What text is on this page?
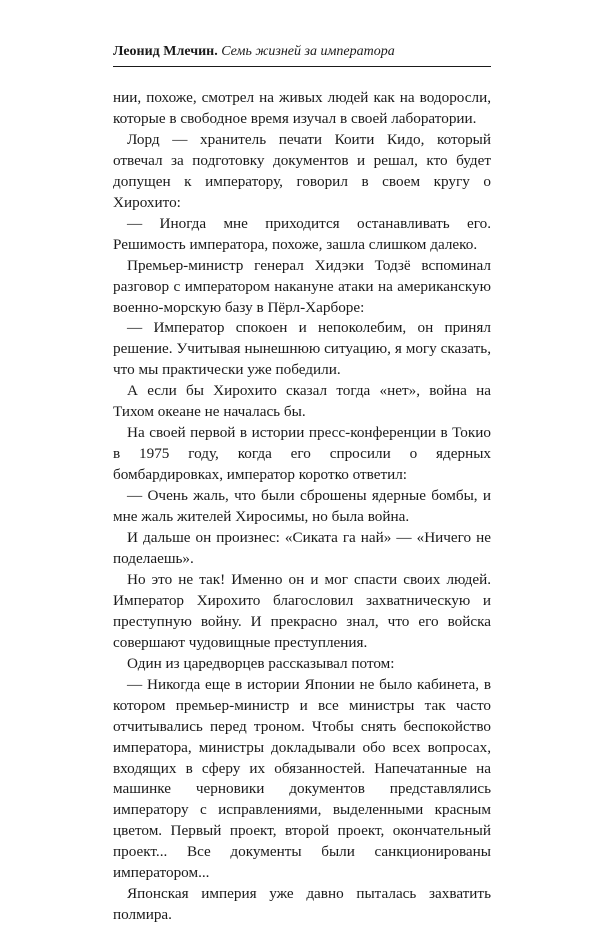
Леонид Млечин. Семь жизней за императора

нии, похоже, смотрел на живых людей как на водоросли, которые в свободное время изучал в своей лаборатории.

Лорд — хранитель печати Коити Кидо, который отвечал за подготовку документов и решал, кто будет допущен к императору, говорил в своем кругу о Хирохито:

— Иногда мне приходится останавливать его. Решимость императора, похоже, зашла слишком далеко.

Премьер-министр генерал Хидэки Тодзё вспоминал разговор с императором накануне атаки на американскую военно-морскую базу в Пёрл-Харборе:

— Император спокоен и непоколебим, он принял решение. Учитывая нынешнюю ситуацию, я могу сказать, что мы практически уже победили.

А если бы Хирохито сказал тогда «нет», война на Тихом океане не началась бы.

На своей первой в истории пресс-конференции в Токио в 1975 году, когда его спросили о ядерных бомбардировках, император коротко ответил:

— Очень жаль, что были сброшены ядерные бомбы, и мне жаль жителей Хиросимы, но была война.

И дальше он произнес: «Сиката га най» — «Ничего не поделаешь».

Но это не так! Именно он и мог спасти своих людей. Император Хирохито благословил захватническую и преступную войну. И прекрасно знал, что его войска совершают чудовищные преступления.

Один из царедворцев рассказывал потом:

— Никогда еще в истории Японии не было кабинета, в котором премьер-министр и все министры так часто отчитывались перед троном. Чтобы снять беспокойство императора, министры докладывали обо всех вопросах, входящих в сферу их обязанностей. Напечатанные на машинке черновики документов представлялись императору с исправлениями, выделенными красным цветом. Первый проект, второй проект, окончательный проект... Все документы были санкционированы императором...

Японская империя уже давно пыталась захватить полмира.
